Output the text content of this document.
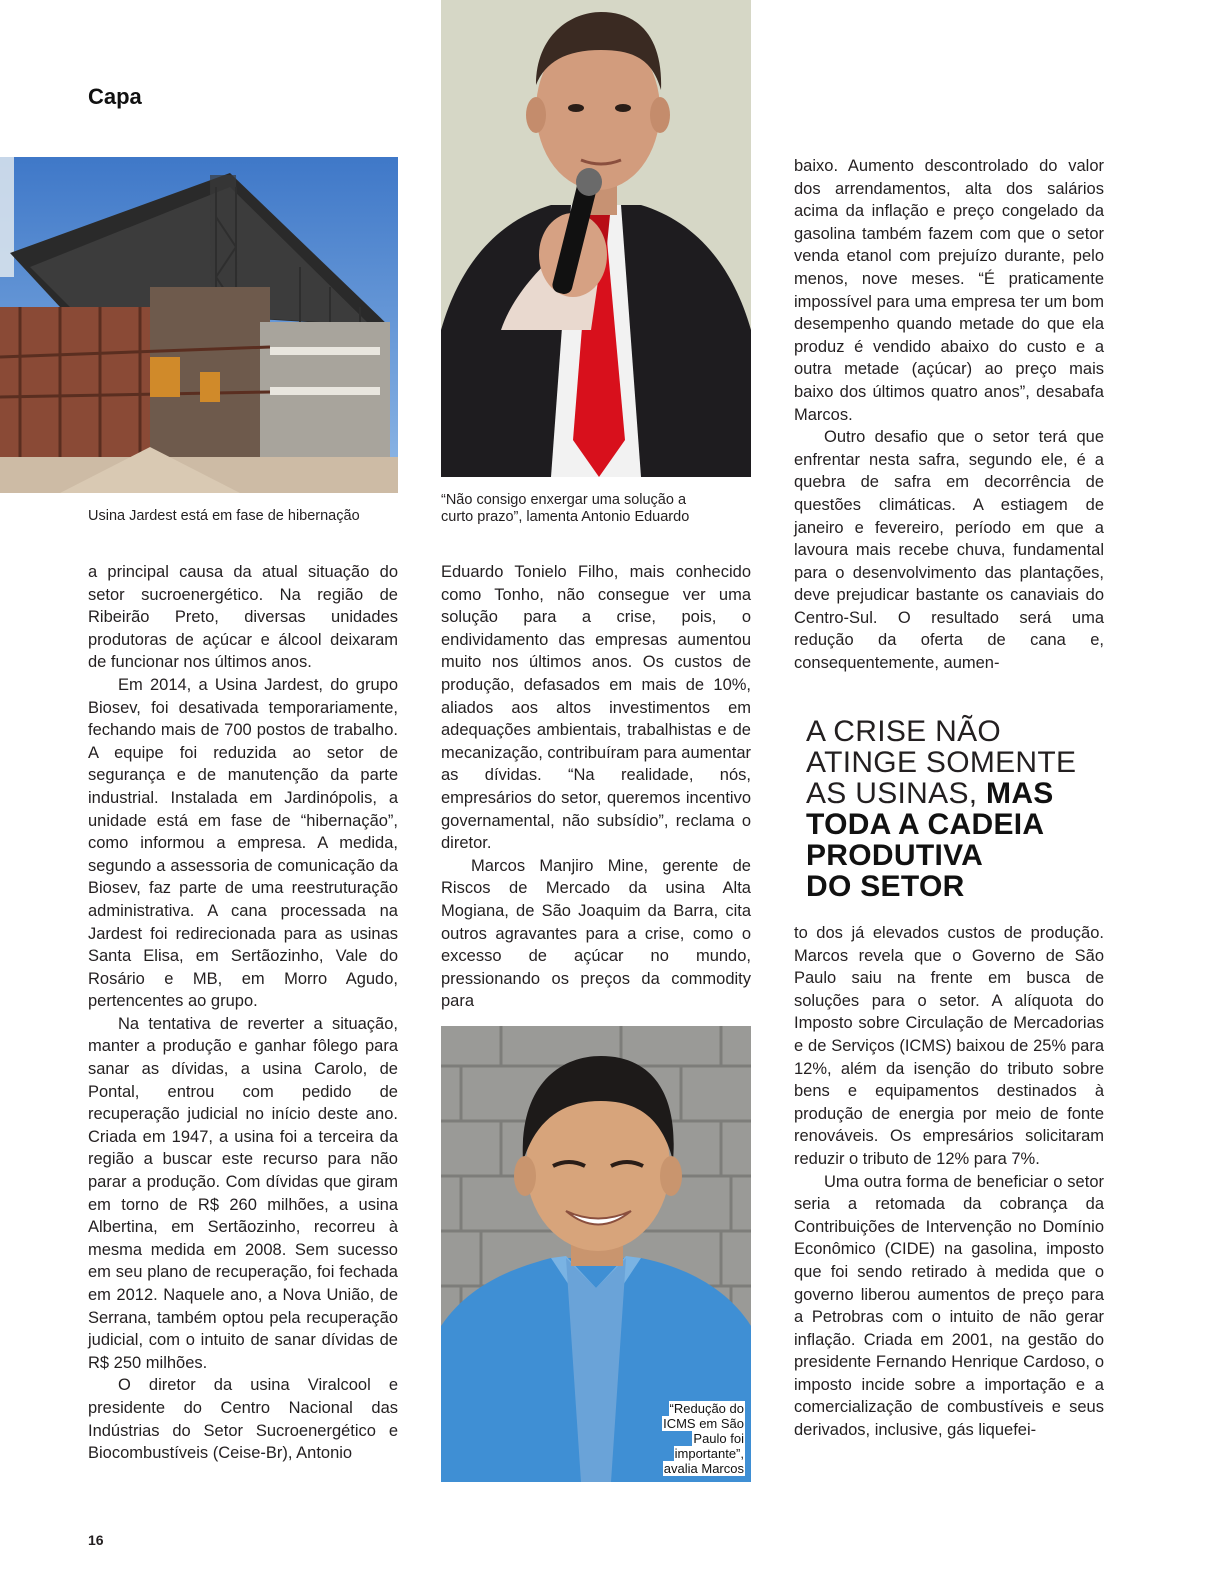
Capa
Usina Jardest está em fase de hibernação
“Não consigo enxergar uma solução a
curto prazo”, lamenta Antonio Eduardo

a principal causa da atual situação do setor sucroenergético. Na região de Ribeirão Preto, diversas unidades produtoras de açúcar e álcool deixaram de funcionar nos últimos anos.

Em 2014, a Usina Jardest, do grupo Biosev, foi desativada temporariamente, fechando mais de 700 postos de trabalho. A equipe foi reduzida ao setor de segurança e de manutenção da parte industrial. Instalada em Jardinópolis, a unidade está em fase de “hibernação”, como informou a empresa. A medida, segundo a assessoria de comunicação da Biosev, faz parte de uma reestruturação administrativa. A cana processada na Jardest foi redirecionada para as usinas Santa Elisa, em Sertãozinho, Vale do Rosário e MB, em Morro Agudo, pertencentes ao grupo.

Na tentativa de reverter a situação, manter a produção e ganhar fôlego para sanar as dívidas, a usina Carolo, de Pontal, entrou com pedido de recuperação judicial no início deste ano. Criada em 1947, a usina foi a terceira da região a buscar este recurso para não parar a produção. Com dívidas que giram em torno de R$ 260 milhões, a usina Albertina, em Sertãozinho, recorreu à mesma medida em 2008. Sem sucesso em seu plano de recuperação, foi fechada em 2012. Naquele ano, a Nova União, de Serrana, também optou pela recuperação judicial, com o intuito de sanar dívidas de R$ 250 milhões.

O diretor da usina Viralcool e presidente do Centro Nacional das Indústrias do Setor Sucroenergético e Biocombustíveis (Ceise-Br), Antonio

Eduardo Tonielo Filho, mais conhecido como Tonho, não consegue ver uma solução para a crise, pois, o endividamento das empresas aumentou muito nos últimos anos. Os custos de produção, defasados em mais de 10%, aliados aos altos investimentos em adequações ambientais, trabalhistas e de mecanização, contribuíram para aumentar as dívidas. “Na realidade, nós, empresários do setor, queremos incentivo governamental, não subsídio”, reclama o diretor.

Marcos Manjiro Mine, gerente de Riscos de Mercado da usina Alta Mogiana, de São Joaquim da Barra, cita outros agravantes para a crise, como o excesso de açúcar no mundo, pressionando os preços da commodity para

“Redução do ICMS em São Paulo foi importante”, avalia Marcos

baixo. Aumento descontrolado do valor dos arrendamentos, alta dos salários acima da inflação e preço congelado da gasolina também fazem com que o setor venda etanol com prejuízo durante, pelo menos, nove meses. “É praticamente impossível para uma empresa ter um bom desempenho quando metade do que ela produz é vendido abaixo do custo e a outra metade (açúcar) ao preço mais baixo dos últimos quatro anos”, desabafa Marcos.

Outro desafio que o setor terá que enfrentar nesta safra, segundo ele, é a quebra de safra em decorrência de questões climáticas. A estiagem de janeiro e fevereiro, período em que a lavoura mais recebe chuva, fundamental para o desenvolvimento das plantações, deve prejudicar bastante os canaviais do Centro-Sul. O resultado será uma redução da oferta de cana e, consequentemente, aumen-

A CRISE NÃO
ATINGE SOMENTE
AS USINAS, MAS
TODA A CADEIA
PRODUTIVA
DO SETOR

to dos já elevados custos de produção. Marcos revela que o Governo de São Paulo saiu na frente em busca de soluções para o setor. A alíquota do Imposto sobre Circulação de Mercadorias e de Serviços (ICMS) baixou de 25% para 12%, além da isenção do tributo sobre bens e equipamentos destinados à produção de energia por meio de fonte renováveis. Os empresários solicitaram reduzir o tributo de 12% para 7%.

Uma outra forma de beneficiar o setor seria a retomada da cobrança da Contribuições de Intervenção no Domínio Econômico (CIDE) na gasolina, imposto que foi sendo retirado à medida que o governo liberou aumentos de preço para a Petrobras com o intuito de não gerar inflação. Criada em 2001, na gestão do presidente Fernando Henrique Cardoso, o imposto incide sobre a importação e a comercialização de combustíveis e seus derivados, inclusive, gás liquefei-

16
